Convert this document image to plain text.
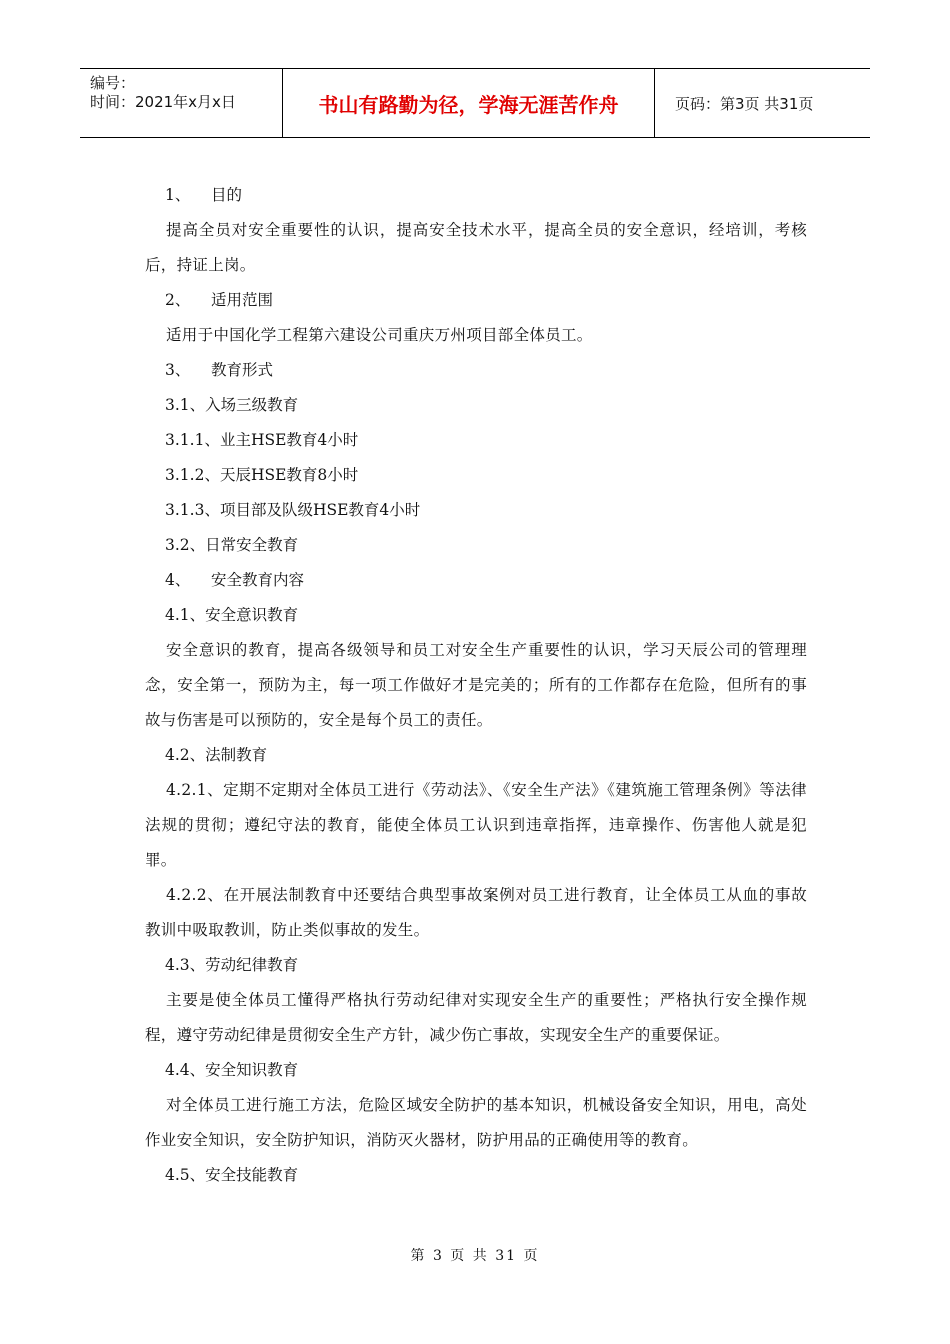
编号：
时间：2021年x月x日	书山有路勤为径，学海无涯苦作舟	页码：第3页 共31页

1、 目的

提高全员对安全重要性的认识，提高安全技术水平，提高全员的安全意识，经培训，考核后，持证上岗。

2、 适用范围

适用于中国化学工程第六建设公司重庆万州项目部全体员工。

3、 教育形式

3.1、入场三级教育

3.1.1、业主HSE教育4小时

3.1.2、天辰HSE教育8小时

3.1.3、项目部及队级HSE教育4小时

3.2、日常安全教育

4、 安全教育内容

4.1、安全意识教育

安全意识的教育，提高各级领导和员工对安全生产重要性的认识，学习天辰公司的管理理念，安全第一，预防为主，每一项工作做好才是完美的；所有的工作都存在危险，但所有的事故与伤害是可以预防的，安全是每个员工的责任。

4.2、法制教育

4.2.1、定期不定期对全体员工进行《劳动法》、《安全生产法》《建筑施工管理条例》等法律法规的贯彻；遵纪守法的教育，能使全体员工认识到违章指挥，违章操作、伤害他人就是犯罪。

4.2.2、在开展法制教育中还要结合典型事故案例对员工进行教育，让全体员工从血的事故教训中吸取教训，防止类似事故的发生。

4.3、劳动纪律教育

主要是使全体员工懂得严格执行劳动纪律对实现安全生产的重要性；严格执行安全操作规程，遵守劳动纪律是贯彻安全生产方针，减少伤亡事故，实现安全生产的重要保证。

4.4、安全知识教育

对全体员工进行施工方法，危险区域安全防护的基本知识，机械设备安全知识，用电，高处作业安全知识，安全防护知识，消防灭火器材，防护用品的正确使用等的教育。

4.5、安全技能教育

第 3 页 共 31 页
